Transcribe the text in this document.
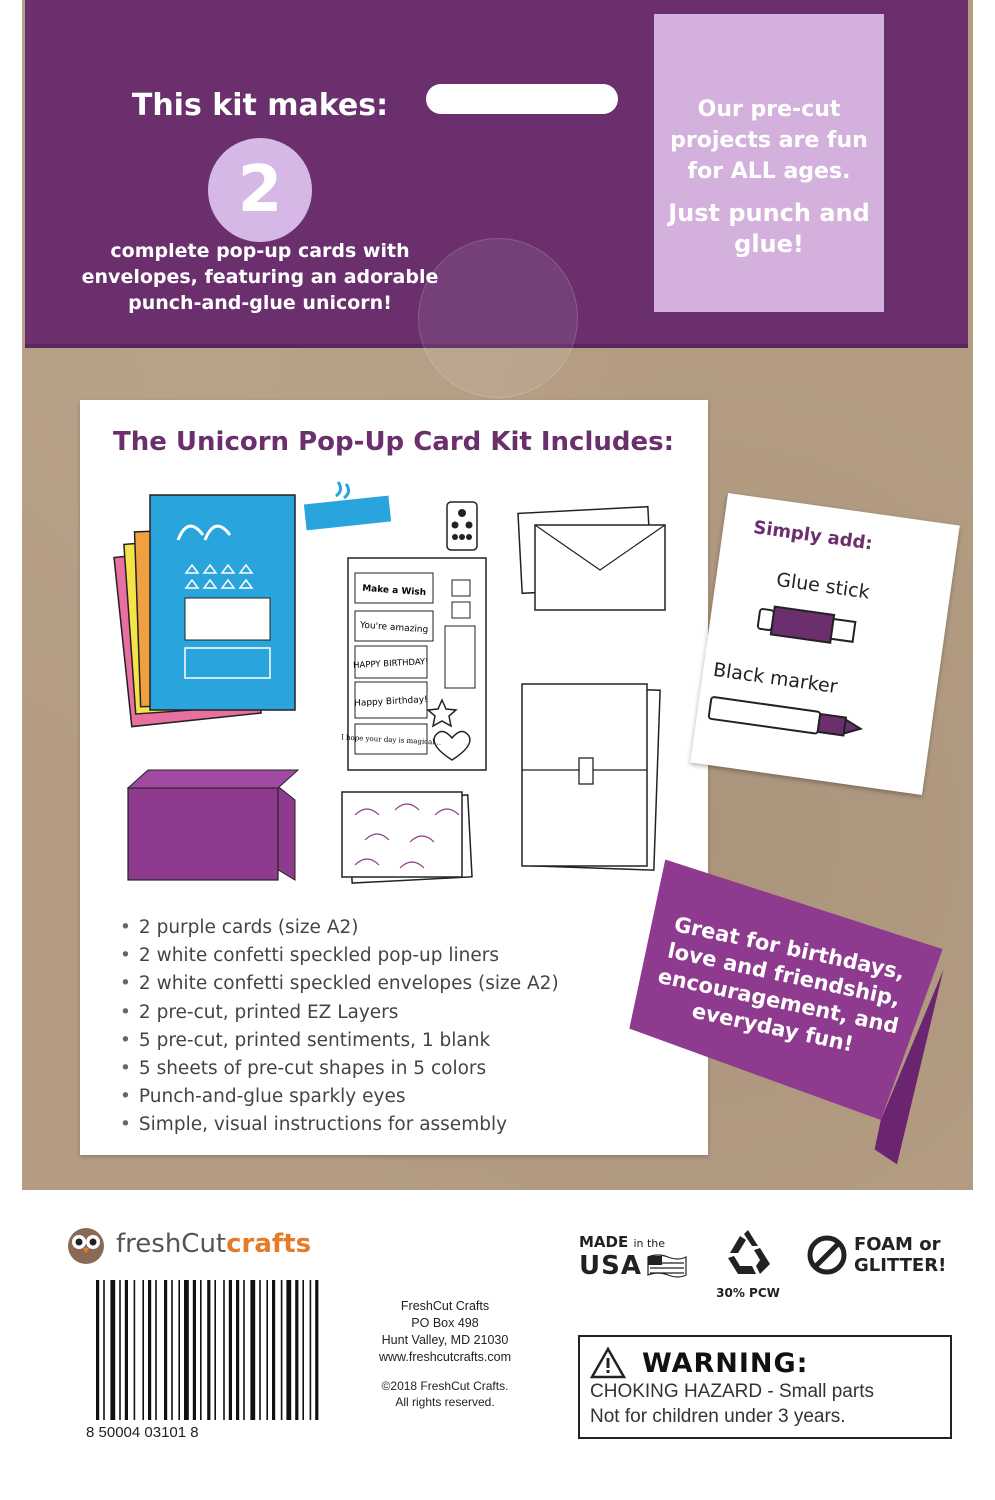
This kit makes:
2
complete pop-up cards with envelopes, featuring an adorable punch-and-glue unicorn!
Our pre-cut projects are fun for ALL ages.
Just punch and glue!
The Unicorn Pop-Up Card Kit Includes:
Make a Wish
You're amazing
HAPPY BIRTHDAY!
Happy Birthday!
I hope your day is magical...
• 2 purple cards (size A2)
• 2 white confetti speckled pop-up liners
• 2 white confetti speckled envelopes (size A2)
• 2 pre-cut, printed EZ Layers
• 5 pre-cut, printed sentiments, 1 blank
• 5 sheets of pre-cut shapes in 5 colors
• Punch-and-glue sparkly eyes
• Simple, visual instructions for assembly
Simply add:
Glue stick
Black marker
Great for birthdays, love and friendship, encouragement, and everyday fun!
freshCutcrafts
8 50004 03101 8
FreshCut Crafts
PO Box 498
Hunt Valley, MD 21030
www.freshcutcrafts.com
©2018 FreshCut Crafts.
All rights reserved.
MADE in the
USA
30% PCW
FOAM or
GLITTER!
WARNING:
CHOKING HAZARD - Small parts
Not for children under 3 years.
